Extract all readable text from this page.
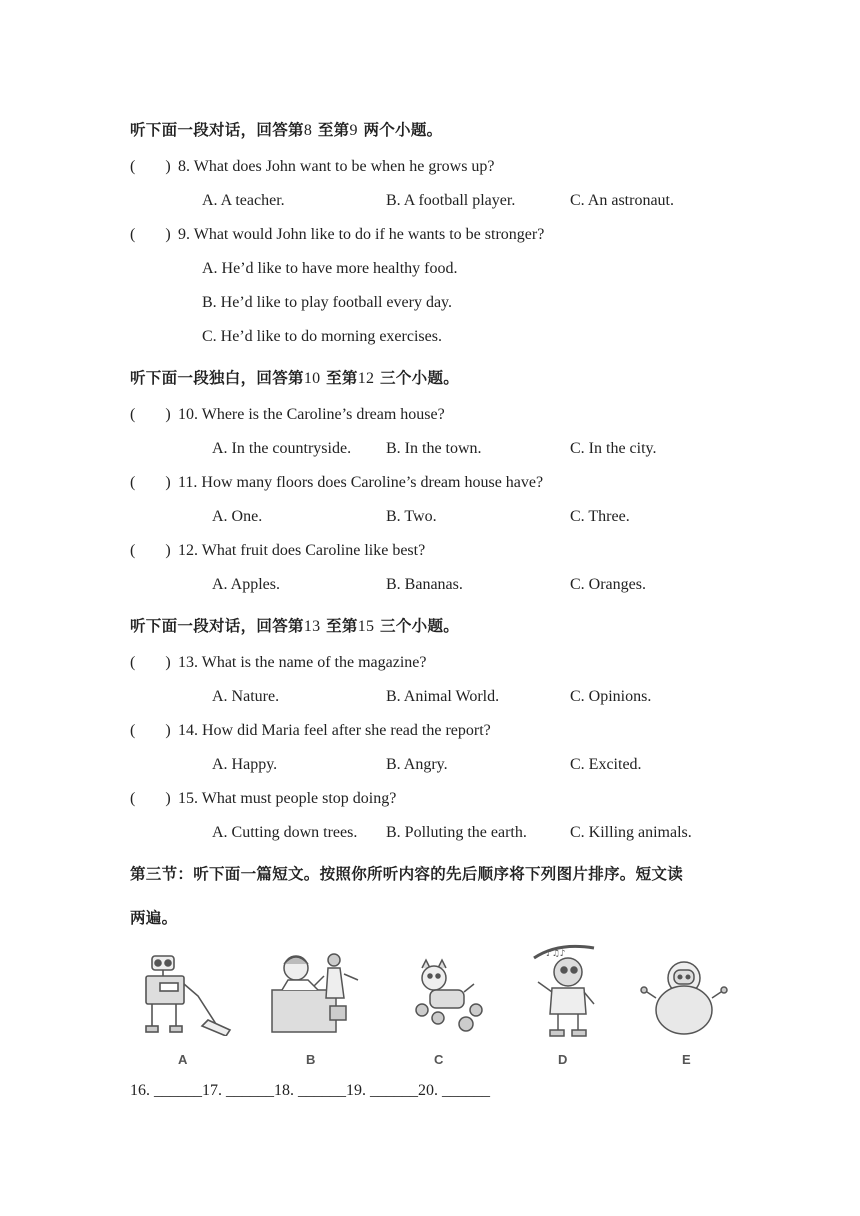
听下面一段对话，回答第8 至第9 两个小题。
( ) 8. What does John want to be when he grows up?
A. A teacher.	B. A football player.	C. An astronaut.
( ) 9. What would John like to do if he wants to be stronger?
A. He’d like to have more healthy food.
B. He’d like to play football every day.
C. He’d like to do morning exercises.
听下面一段独白，回答第10 至第12 三个小题。
( ) 10. Where is the Caroline’s dream house?
A. In the countryside. B. In the town.	C. In the city.
( ) 11. How many floors does Caroline’s dream house have?
A. One.	B. Two.	C. Three.
( ) 12. What fruit does Caroline like best?
A. Apples.	B. Bananas.	C. Oranges.
听下面一段对话，回答第13 至第15 三个小题。
( ) 13. What is the name of the magazine?
A. Nature.	B. Animal World.	C. Opinions.
( ) 14. How did Maria feel after she read the report?
A. Happy.	B. Angry.	C. Excited.
( ) 15. What must people stop doing?
A. Cutting down trees. B. Polluting the earth.	C. Killing animals.
第三节：听下面一篇短文。按照你所听内容的先后顺序将下列图片排序。短文读
两遍。
A	B	C
♪♫♪
D	E
16. ______17. ______18. ______19. ______20. ______
